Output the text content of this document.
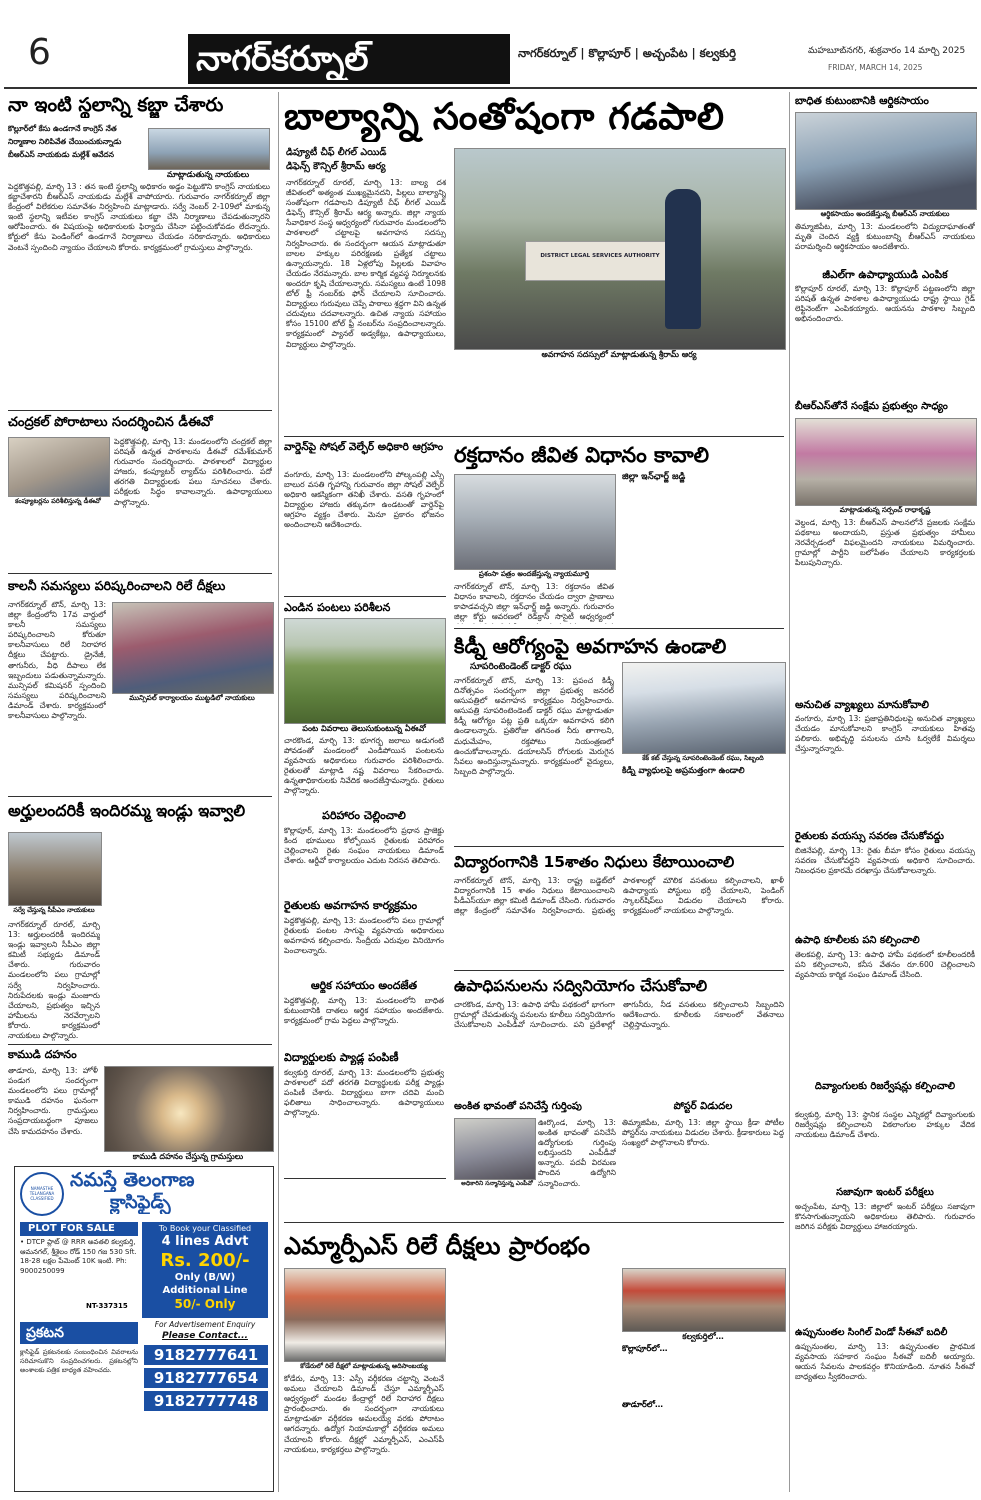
6	నాగర్‌కర్నూల్	నాగర్‌కర్నూల్ | కొల్లాపూర్ | అచ్చంపేట | కల్వకుర్తి	మహబూబ్‌నగర్, శుక్రవారం 14 మార్చి 2025
FRIDAY, MARCH 14, 2025
నా ఇంటి స్థలాన్ని కబ్జా చేశారు
కొల్లూర్‌లో కేసు ఉండగానే కాంగ్రెస్ నేత
నిర్మాణాల నిలిపివేత చేయించుకున్నాడు
బీఆర్ఎస్ నాయకుడు మల్లేశ్ ఆవేదన
మాట్లాడుతున్న నాయకులు
పెద్దకొత్తపల్లి, మార్చి 13 : తన ఇంటి స్థలాన్ని అధికారం అడ్డం పెట్టుకొని కాంగ్రెస్ నాయకులు కబ్జాచేశారని బీఆర్ఎస్ నాయకుడు మల్లేశ్ వాపోయారు. గురువారం నాగర్‌కర్నూల్ జిల్లా కేంద్రంలో విలేకరుల సమావేశం నిర్వహించి మాట్లాడారు. సర్వే నెంబర్ 2-109లో మాకున్న ఇంటి స్థలాన్ని ఇటీవల కాంగ్రెస్ నాయకులు కబ్జా చేసి నిర్మాణాలు చేపడుతున్నారని ఆరోపించారు. ఈ విషయంపై అధికారులకు ఫిర్యాదు చేసినా పట్టించుకోవడం లేదన్నారు. కోర్టులో కేసు పెండింగ్‌లో ఉండగానే నిర్మాణాలు చేయడం సరికాదన్నారు. అధికారులు వెంటనే స్పందించి న్యాయం చేయాలని కోరారు. కార్యక్రమంలో గ్రామస్తులు పాల్గొన్నారు.
చంద్రకల్ పోరాటాలు సందర్శించిన డీఈవో
కంప్యూటర్లను పరిశీలిస్తున్న డీఈవో
పెద్దకొత్తపల్లి, మార్చి 13: మండలంలోని చంద్రకల్ జిల్లా పరిషత్ ఉన్నత పాఠశాలను డీఈవో రమేశ్‌కుమార్ గురువారం సందర్శించారు. పాఠశాలలో విద్యార్థుల హాజరు, కంప్యూటర్ ల్యాబ్‌ను పరిశీలించారు. పదో తరగతి విద్యార్థులకు పలు సూచనలు చేశారు. పరీక్షలకు సిద్ధం కావాలన్నారు. ఉపాధ్యాయులు పాల్గొన్నారు.
కాలనీ సమస్యలు పరిష్కరించాలని రిలే దీక్షలు
నాగర్‌కర్నూల్ టౌన్, మార్చి 13: జిల్లా కేంద్రంలోని 17వ వార్డులో కాలనీ సమస్యలు పరిష్కరించాలని కోరుతూ కాలనీవాసులు రిలే నిరాహార దీక్షలు చేపట్టారు. డ్రైనేజీ, తాగునీరు, వీధి దీపాలు లేక ఇబ్బందులు పడుతున్నామన్నారు. మున్సిపల్ కమిషనర్ స్పందించి సమస్యలు పరిష్కరించాలని డిమాండ్ చేశారు. కార్యక్రమంలో కాలనీవాసులు పాల్గొన్నారు.
మున్సిపల్ కార్యాలయం ముట్టడిలో నాయకులు
అర్హులందరికీ ఇందిరమ్మ ఇండ్లు ఇవ్వాలి
సర్వే చేస్తున్న సీపీఎం నాయకులు
నాగర్‌కర్నూల్ రూరల్, మార్చి 13: అర్హులందరికీ ఇందిరమ్మ ఇండ్లు ఇవ్వాలని సీపీఎం జిల్లా కమిటీ సభ్యుడు డిమాండ్ చేశారు. గురువారం మండలంలోని పలు గ్రామాల్లో సర్వే నిర్వహించారు. నిరుపేదలకు ఇండ్లు మంజూరు చేయాలని, ప్రభుత్వం ఇచ్చిన హామీలను నెరవేర్చాలని కోరారు. కార్యక్రమంలో నాయకులు పాల్గొన్నారు.
కాముడి దహనం
తాడూరు, మార్చి 13: హోళీ పండుగ సందర్భంగా మండలంలోని పలు గ్రామాల్లో కాముడి దహనం ఘనంగా నిర్వహించారు. గ్రామస్తులు సంప్రదాయబద్ధంగా పూజలు చేసి కామదహనం చేశారు.
కాముడి దహనం చేస్తున్న గ్రామస్తులు
NAMASTHE TELANGANA CLASSIFIED
నమస్తే తెలంగాణ
క్లాసిఫైడ్స్
PLOT FOR SALE
• DTCP ప్లాట్ @ RRR అవతలి కల్వకుర్తి, ఆమనగల్, శ్రీశైలం రోడ్ 150 గజ 530 Sft. 18-28 లక్షల పేమెంట్ 10K ఇంటి. Ph: 9000250099
NT-337315
To Book your Classified
4 lines Advt
Rs. 200/-
Only (B/W)
Additional Line
50/- Only
For Advertisement Enquiry
Please Contact...
9182777641
9182777654
9182777748
ప్రకటన
క్లాసిఫైడ్ ప్రకటనలకు సంబంధించిన వివరాలను సరిచూసుకొని సంప్రదించగలరు. ప్రకటనల్లోని అంశాలకు పత్రిక బాధ్యత వహించదు.
బాల్యాన్ని సంతోషంగా గడపాలి
డిప్యూటీ చీఫ్ లీగల్ ఎయిడ్
డిఫెన్స్ కౌన్సిల్ శ్రీరామ్ ఆర్య
నాగర్‌కర్నూల్ రూరల్, మార్చి 13: బాల్య దశ జీవితంలో అత్యంత ముఖ్యమైనదని, పిల్లలు బాల్యాన్ని సంతోషంగా గడపాలని డిప్యూటీ చీఫ్ లీగల్ ఎయిడ్ డిఫెన్స్ కౌన్సిల్ శ్రీరామ్ ఆర్య అన్నారు. జిల్లా న్యాయ సేవాధికార సంస్థ ఆధ్వర్యంలో గురువారం మండలంలోని పాఠశాలలో చట్టాలపై అవగాహన సదస్సు నిర్వహించారు. ఈ సందర్భంగా ఆయన మాట్లాడుతూ బాలల హక్కుల పరిరక్షణకు ప్రత్యేక చట్టాలు ఉన్నాయన్నారు. 18 ఏళ్లలోపు పిల్లలకు వివాహం చేయడం నేరమన్నారు. బాల కార్మిక వ్యవస్థ నిర్మూలనకు అందరూ కృషి చేయాలన్నారు. సమస్యలు ఉంటే 1098 టోల్ ఫ్రీ నంబర్‌కు ఫోన్ చేయాలని సూచించారు. విద్యార్థులు గురువులు చెప్పే పాఠాలు శ్రద్ధగా విని ఉన్నత చదువులు చదవాలన్నారు. ఉచిత న్యాయ సహాయం కోసం 15100 టోల్ ఫ్రీ నంబర్‌ను సంప్రదించాలన్నారు. కార్యక్రమంలో ప్యానల్ అడ్వకేట్లు, ఉపాధ్యాయులు, విద్యార్థులు పాల్గొన్నారు.
DISTRICT LEGAL SERVICES AUTHORITY
అవగాహన సదస్సులో మాట్లాడుతున్న శ్రీరామ్ ఆర్య
వార్డెన్‌పై సోషల్ వెల్ఫేర్ అధికారి ఆగ్రహం
వంగూరు, మార్చి 13: మండలంలోని పోల్కంపల్లి ఎస్సీ బాలుర వసతి గృహాన్ని గురువారం జిల్లా సోషల్ వెల్ఫేర్ అధికారి ఆకస్మికంగా తనిఖీ చేశారు. వసతి గృహంలో విద్యార్థుల హాజరు తక్కువగా ఉండటంతో వార్డెన్‌పై ఆగ్రహం వ్యక్తం చేశారు. మెనూ ప్రకారం భోజనం అందించాలని ఆదేశించారు.
ఎండిన పంటలు పరిశీలన
పంట వివరాలు తెలుసుకుంటున్న ఏఈవో
చారకొండ, మార్చి 13: భూగర్భ జలాలు అడుగంటి పోవడంతో మండలంలో ఎండిపోయిన పంటలను వ్యవసాయ అధికారులు గురువారం పరిశీలించారు. రైతులతో మాట్లాడి నష్ట వివరాలు సేకరించారు. ఉన్నతాధికారులకు నివేదిక అందజేస్తామన్నారు. రైతులు పాల్గొన్నారు.
పరిహారం చెల్లించాలి
కొల్లాపూర్, మార్చి 13: మండలంలోని ప్రధాన ప్రాజెక్టు కింద భూములు కోల్పోయిన రైతులకు పరిహారం చెల్లించాలని రైతు సంఘం నాయకులు డిమాండ్ చేశారు. ఆర్డీవో కార్యాలయం ఎదుట నిరసన తెలిపారు.
రైతులకు అవగాహన కార్యక్రమం
పెద్దకొత్తపల్లి, మార్చి 13: మండలంలోని పలు గ్రామాల్లో రైతులకు పంటల సాగుపై వ్యవసాయ అధికారులు అవగాహన కల్పించారు. సేంద్రీయ ఎరువుల వినియోగం పెంచాలన్నారు.
ఆర్థిక సహాయం అందజేత
పెద్దకొత్తపల్లి, మార్చి 13: మండలంలోని బాధిత కుటుంబానికి దాతలు ఆర్థిక సహాయం అందజేశారు. కార్యక్రమంలో గ్రామ పెద్దలు పాల్గొన్నారు.
విద్యార్థులకు ప్యాడ్ల పంపిణీ
కల్వకుర్తి రూరల్, మార్చి 13: మండలంలోని ప్రభుత్వ పాఠశాలలో పదో తరగతి విద్యార్థులకు పరీక్ష ప్యాడ్లు పంపిణీ చేశారు. విద్యార్థులు బాగా చదివి మంచి ఫలితాలు సాధించాలన్నారు. ఉపాధ్యాయులు పాల్గొన్నారు.
అంకిత భావంతో పనిచేస్తే గుర్తింపు
అధికారిని సన్మానిస్తున్న ఎంపీవో
ఊర్కొండ, మార్చి 13: అంకిత భావంతో పనిచేసే ఉద్యోగులకు గుర్తింపు లభిస్తుందని ఎంపీడీవో అన్నారు. పదవీ విరమణ పొందిన ఉద్యోగిని సన్మానించారు.
పోస్టర్ విడుదల
తిమ్మాజిపేట, మార్చి 13: జిల్లా స్థాయి క్రీడా పోటీల పోస్టర్‌ను నాయకులు విడుదల చేశారు. క్రీడాకారులు పెద్ద సంఖ్యలో పాల్గొనాలని కోరారు.
రక్తదానం జీవిత విధానం కావాలి
జిల్లా ఇన్‌ఛార్జ్ జడ్జి
ప్రశంసా పత్రం అందజేస్తున్న న్యాయమూర్తి
నాగర్‌కర్నూల్ టౌన్, మార్చి 13: రక్తదానం జీవిత విధానం కావాలని, రక్తదానం చేయడం ద్వారా ప్రాణాలు కాపాడవచ్చని జిల్లా ఇన్‌ఛార్జ్ జడ్జి అన్నారు. గురువారం జిల్లా కోర్టు ఆవరణలో రెడ్‌క్రాస్ సొసైటీ ఆధ్వర్యంలో
కిడ్నీ ఆరోగ్యంపై అవగాహన ఉండాలి
సూపరింటెండెంట్ డాక్టర్ రఘు
నాగర్‌కర్నూల్ టౌన్, మార్చి 13: ప్రపంచ కిడ్నీ దినోత్సవం సందర్భంగా జిల్లా ప్రభుత్వ జనరల్ ఆసుపత్రిలో అవగాహన కార్యక్రమం నిర్వహించారు. ఆసుపత్రి సూపరింటెండెంట్ డాక్టర్ రఘు మాట్లాడుతూ కిడ్నీ ఆరోగ్యం పట్ల ప్రతి ఒక్కరూ అవగాహన కలిగి ఉండాలన్నారు. ప్రతిరోజు తగినంత నీరు తాగాలని, మధుమేహం, రక్తపోటు నియంత్రణలో ఉంచుకోవాలన్నారు. డయాలసిస్ రోగులకు మెరుగైన సేవలు అందిస్తున్నామన్నారు. కార్యక్రమంలో వైద్యులు, సిబ్బంది పాల్గొన్నారు.
కేక్ కట్ చేస్తున్న సూపరింటెండెంట్ రఘు, సిబ్బంది
కిడ్నీ వ్యాధులపై అప్రమత్తంగా ఉండాలి
విద్యారంగానికి 15శాతం నిధులు కేటాయించాలి
నాగర్‌కర్నూల్ టౌన్, మార్చి 13: రాష్ట్ర బడ్జెట్‌లో విద్యారంగానికి 15 శాతం నిధులు కేటాయించాలని పీడీఎస్‌యూ జిల్లా కమిటీ డిమాండ్ చేసింది. గురువారం జిల్లా కేంద్రంలో సమావేశం నిర్వహించారు. ప్రభుత్వ పాఠశాలల్లో మౌలిక వసతులు కల్పించాలని, ఖాళీ ఉపాధ్యాయ పోస్టులు భర్తీ చేయాలని, పెండింగ్ స్కాలర్‌షిప్‌లు విడుదల చేయాలని కోరారు. కార్యక్రమంలో నాయకులు పాల్గొన్నారు.
ఉపాధిపనులను సద్వినియోగం చేసుకోవాలి
చారకొండ, మార్చి 13: ఉపాధి హామీ పథకంలో భాగంగా గ్రామాల్లో చేపడుతున్న పనులను కూలీలు సద్వినియోగం చేసుకోవాలని ఎంపీడీవో సూచించారు. పని ప్రదేశాల్లో తాగునీరు, నీడ వసతులు కల్పించాలని సిబ్బందిని ఆదేశించారు. కూలీలకు సకాలంలో వేతనాలు చెల్లిస్తామన్నారు.
ఎమ్మార్పీఎస్ రిలే దీక్షలు ప్రారంభం
కోడేరులో రిలే దీక్షలో మాట్లాడుతున్న ఆదిసాంబయ్య
కోడేరు, మార్చి 13: ఎస్సీ వర్గీకరణ చట్టాన్ని వెంటనే అమలు చేయాలని డిమాండ్ చేస్తూ ఎమ్మార్పీఎస్ ఆధ్వర్యంలో మండల కేంద్రాల్లో రిలే నిరాహార దీక్షలు ప్రారంభించారు. ఈ సందర్భంగా నాయకులు మాట్లాడుతూ వర్గీకరణ అమలయ్యే వరకు పోరాటం ఆగదన్నారు. ఉద్యోగ నియామకాల్లో వర్గీకరణ అమలు చేయాలని కోరారు. దీక్షల్లో ఎమ్మార్పీఎస్, ఎంఎస్‌పీ నాయకులు, కార్యకర్తలు పాల్గొన్నారు.
కల్వకుర్తిలో…
కొల్లాపూర్‌లో…
తాడూర్‌లో…
బాధిత కుటుంబానికి ఆర్థికసాయం
ఆర్థికసాయం అందజేస్తున్న బీఆర్ఎస్ నాయకులు
తిమ్మాజిపేట, మార్చి 13: మండలంలోని విద్యుదాఘాతంతో మృతి చెందిన వ్యక్తి కుటుంబాన్ని బీఆర్ఎస్ నాయకులు పరామర్శించి ఆర్థికసాయం అందజేశారు.
జీఎల్‌గా ఉపాధ్యాయుడి ఎంపిక
కొల్లాపూర్ రూరల్, మార్చి 13: కొల్లాపూర్ పట్టణంలోని జిల్లా పరిషత్ ఉన్నత పాఠశాల ఉపాధ్యాయుడు రాష్ట్ర స్థాయి గైడ్ లెఫ్టినెంట్‌గా ఎంపికయ్యారు. ఆయనను పాఠశాల సిబ్బంది అభినందించారు.
బీఆర్ఎస్‌తోనే సంక్షేమ ప్రభుత్వం సాధ్యం
మాట్లాడుతున్న సర్పంచ్ రాధాకృష్ణ
వెల్దండ, మార్చి 13: బీఆర్ఎస్ పాలనలోనే ప్రజలకు సంక్షేమ పథకాలు అందాయని, ప్రస్తుత ప్రభుత్వం హామీలు నెరవేర్చడంలో విఫలమైందని నాయకులు విమర్శించారు. గ్రామాల్లో పార్టీని బలోపేతం చేయాలని కార్యకర్తలకు పిలుపునిచ్చారు.
అనుచిత వ్యాఖ్యలు మానుకోవాలి
వంగూరు, మార్చి 13: ప్రజాప్రతినిధులపై అనుచిత వ్యాఖ్యలు చేయడం మానుకోవాలని కాంగ్రెస్ నాయకులు హితవు పలికారు. అభివృద్ధి పనులను చూసి ఓర్వలేకే విమర్శలు చేస్తున్నారన్నారు.
రైతులకు వయస్సు సవరణ చేసుకోవద్దు
బిజినేపల్లి, మార్చి 13: రైతు బీమా కోసం రైతులు వయస్సు సవరణ చేసుకోవద్దని వ్యవసాయ అధికారి సూచించారు. నిబంధనల ప్రకారమే దరఖాస్తు చేసుకోవాలన్నారు.
ఉపాధి కూలీలకు పని కల్పించాలి
తెలకపల్లి, మార్చి 13: ఉపాధి హామీ పథకంలో కూలీలందరికీ పని కల్పించాలని, కనీస వేతనం రూ.600 చెల్లించాలని వ్యవసాయ కార్మిక సంఘం డిమాండ్ చేసింది.
దివ్యాంగులకు రిజర్వేషన్లు కల్పించాలి
కల్వకుర్తి, మార్చి 13: స్థానిక సంస్థల ఎన్నికల్లో దివ్యాంగులకు రిజర్వేషన్లు కల్పించాలని వికలాంగుల హక్కుల వేదిక నాయకులు డిమాండ్ చేశారు.
సజావుగా ఇంటర్ పరీక్షలు
అచ్చంపేట, మార్చి 13: జిల్లాలో ఇంటర్ పరీక్షలు సజావుగా కొనసాగుతున్నాయని అధికారులు తెలిపారు. గురువారం జరిగిన పరీక్షకు విద్యార్థులు హాజరయ్యారు.
ఉప్పునుంతల సింగిల్ విండో సీఈవో బదిలీ
ఉప్పునుంతల, మార్చి 13: ఉప్పునుంతల ప్రాథమిక వ్యవసాయ సహకార సంఘం సీఈవో బదిలీ అయ్యారు. ఆయన సేవలను పాలకవర్గం కొనియాడింది. నూతన సీఈవో బాధ్యతలు స్వీకరించారు.
